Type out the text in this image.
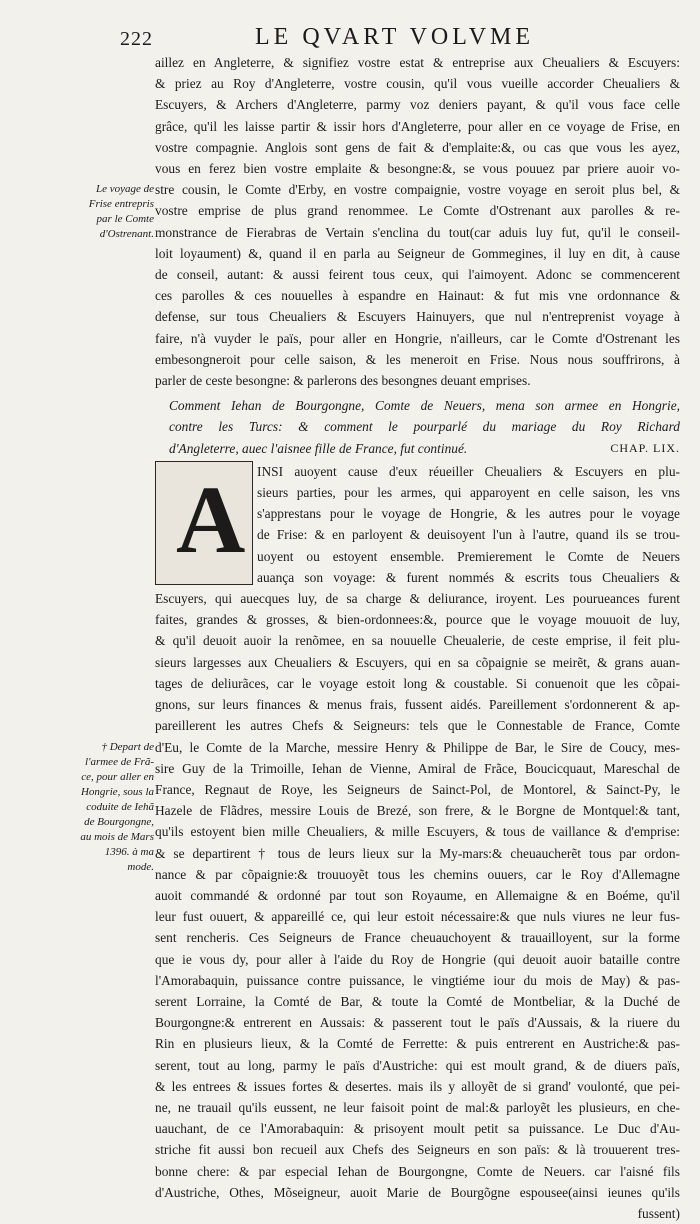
222	LE QVART VOLVME
Le voyage de
Frise entrepris
par le Comte
d'Ostrenant.
† Depart de
l'armee de Frã-
ce, pour aller en
Hongrie, sous la
coduite de Iehã
de Bourgongne,
au mois de Mars
1396. à ma
mode.
aillez en Angleterre, & signifiez vostre estat & entreprise aux Cheualiers & Escuyers:
& priez au Roy d'Angleterre, vostre cousin, qu'il vous vueille accorder Cheualiers &
Escuyers, & Archers d'Angleterre, parmy voz deniers payant, & qu'il vous face celle
grâce, qu'il les laisse partir & issir hors d'Angleterre, pour aller en ce voyage de Frise, en
vostre compagnie. Anglois sont gens de fait & d'emplaite:&, ou cas que vous les ayez,
vous en ferez bien vostre emplaite & besongne:&, se vous pouuez par priere auoir vo-
stre cousin, le Comte d'Erby, en vostre compaignie, vostre voyage en seroit plus bel, &
vostre emprise de plus grand renommee. Le Comte d'Ostrenant aux parolles & re-
monstrance de Fierabras de Vertain s'enclina du tout(car aduis luy fut, qu'il le conseil-
loit loyaument) &, quand il en parla au Seigneur de Gommegines, il luy en dit, à cause
de conseil, autant: & aussi feirent tous ceux, qui l'aimoyent. Adonc se commencerent
ces parolles & ces nouuelles à espandre en Hainaut: & fut mis vne ordonnance &
defense, sur tous Cheualiers & Escuyers Hainuyers, que nul n'entreprenist voyage à
faire, n'à vuyder le païs, pour aller en Hongrie, n'ailleurs, car le Comte d'Ostrenant les
embesongneroit pour celle saison, & les meneroit en Frise. Nous nous souffrirons, à
parler de ceste besongne: & parlerons des besongnes deuant emprises.
Comment Iehan de Bourgongne, Comte de Neuers, mena son armee en Hongrie,
contre les Turcs: & comment le pourparlé du mariage du Roy Richard
d'Angleterre, auec l'aisnee fille de France, fut continué.	CHAP. LIX.
A INSI auoyent cause d'eux réueiller Cheualiers & Escuyers en plu-
sieurs parties, pour les armes, qui apparoyent en celle saison, les vns
s'apprestans pour le voyage de Hongrie, & les autres pour le voyage
de Frise: & en parloyent & deuisoyent l'un à l'autre, quand ils se trou-
uoyent ou estoyent ensemble. Premierement le Comte de Neuers
auança son voyage: & furent nommés & escrits tous Cheualiers &
Escuyers, qui auecques luy, de sa charge & deliurance, iroyent. Les pourueances furent
faites, grandes & grosses, & bien-ordonnees:&, pource que le voyage mouuoit de luy,
& qu'il deuoit auoir la renõmee, en sa nouuelle Cheualerie, de ceste emprise, il feit plu-
sieurs largesses aux Cheualiers & Escuyers, qui en sa cõpaignie se meirẽt, & grans auan-
tages de deliurãces, car le voyage estoit long & coustable. Si conuenoit que les cõpai-
gnons, sur leurs finances & menus frais, fussent aidés. Pareillement s'ordonnerent & ap-
pareillerent les autres Chefs & Seigneurs: tels que le Connestable de France, Comte
d'Eu, le Comte de la Marche, messire Henry & Philippe de Bar, le Sire de Coucy, mes-
sire Guy de la Trimoille, Iehan de Vienne, Amiral de Frãce, Boucicquaut, Mareschal de
France, Regnaut de Roye, les Seigneurs de Sainct-Pol, de Montorel, & Sainct-Py, le
Hazele de Flãdres, messire Louis de Brezé, son frere, & le Borgne de Montquel:& tant,
qu'ils estoyent bien mille Cheualiers, & mille Escuyers, & tous de vaillance & d'emprise:
& se departirent † tous de leurs lieux sur la My-mars:& cheuaucherẽt tous par ordon-
nance & par cõpaignie:& trouuoyẽt tous les chemins ouuers, car le Roy d'Allemagne
auoit commandé & ordonné par tout son Royaume, en Allemaigne & en Boéme, qu'il
leur fust ouuert, & appareillé ce, qui leur estoit nécessaire:& que nuls viures ne leur fus-
sent rencheris. Ces Seigneurs de France cheuauchoyent & trauailloyent, sur la forme
que ie vous dy, pour aller à l'aide du Roy de Hongrie (qui deuoit auoir bataille contre
l'Amorabaquin, puissance contre puissance, le vingtiéme iour du mois de May) & pas-
serent Lorraine, la Comté de Bar, & toute la Comté de Montbeliar, & la Duché de
Bourgongne:& entrerent en Aussais: & passerent tout le païs d'Aussais, & la riuere du
Rin en plusieurs lieux, & la Comté de Ferrette: & puis entrerent en Austriche:& pas-
serent, tout au long, parmy le païs d'Austriche: qui est moult grand, & de diuers païs,
& les entrees & issues fortes & desertes. mais ils y alloyẽt de si grand' voulonté, que pei-
ne, ne trauail qu'ils eussent, ne leur faisoit point de mal:& parloyẽt les plusieurs, en che-
uauchant, de ce l'Amorabaquin: & prisoyent moult petit sa puissance. Le Duc d'Au-
striche fit aussi bon recueil aux Chefs des Seigneurs en son païs: & là trouuerent tres-
bonne chere: & par especial Iehan de Bourgongne, Comte de Neuers. car l'aisné fils
d'Austriche, Othes, Mõseigneur, auoit Marie de Bourgõgne espousee(ainsi ieunes qu'ils
fussent)
